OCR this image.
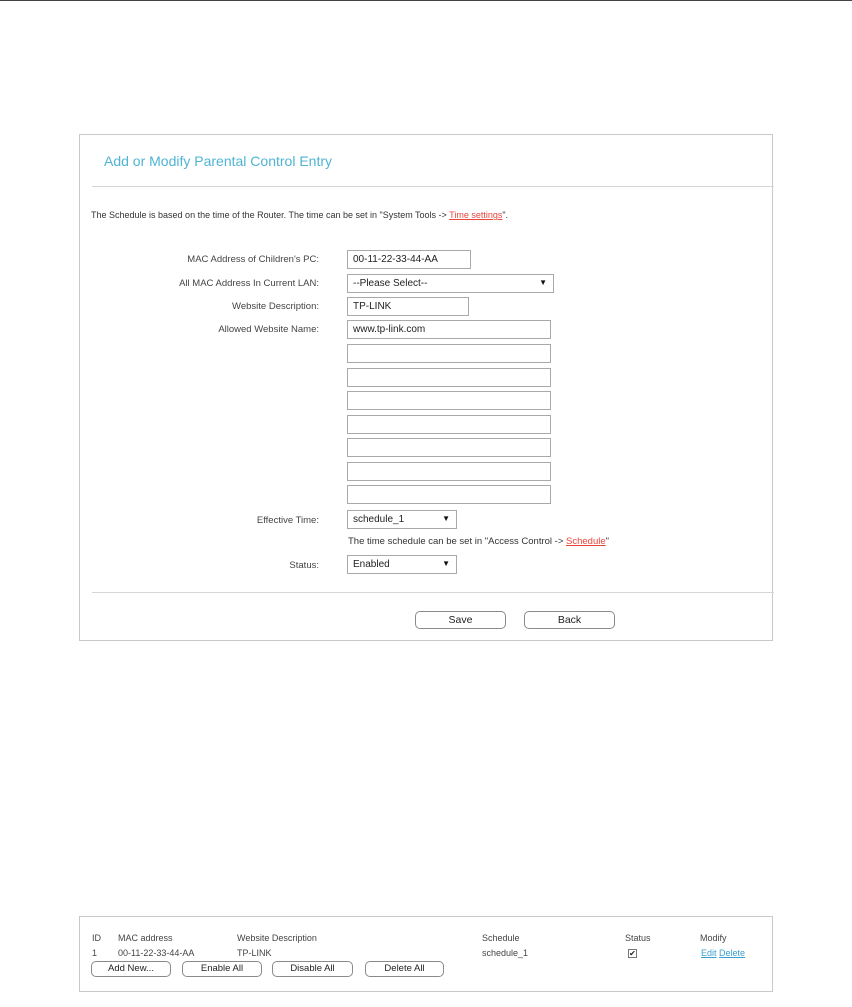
Add or Modify Parental Control Entry
The Schedule is based on the time of the Router. The time can be set in "System Tools -> Time settings".
MAC Address of Children's PC:
00-11-22-33-44-AA
All MAC Address In Current LAN:	--Please Select--	▼
Website Description:
TP-LINK
Allowed Website Name:
www.tp-link.com
Effective Time:	schedule_1	▼
The time schedule can be set in "Access Control -> Schedule"
Status:	Enabled	▼
Save	Back
ID MAC address	Website Description	Schedule	Status	Modify
1 00-11-22-33-44-AA	TP-LINK	schedule_1	✔	Edit Delete
Add New...	Enable All	Disable All	Delete All
